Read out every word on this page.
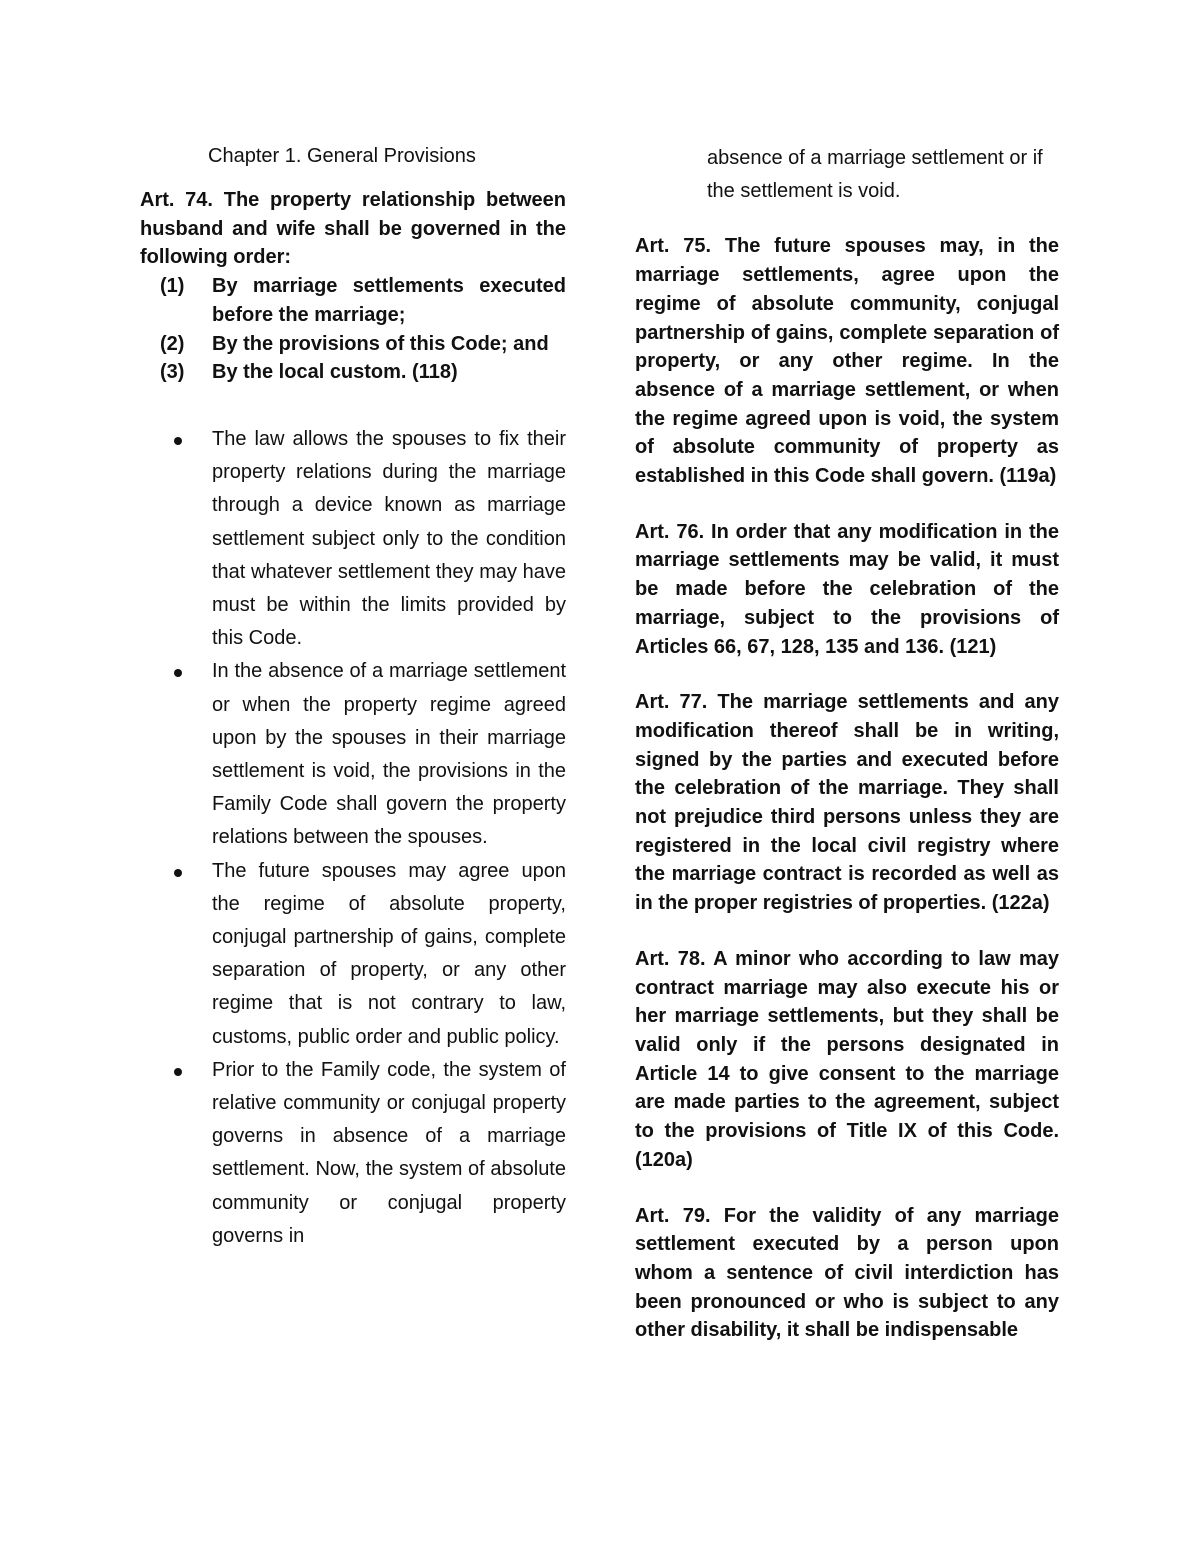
Chapter 1. General Provisions
Art. 74. The property relationship between husband and wife shall be governed in the following order:
(1) By marriage settlements executed before the marriage;
(2) By the provisions of this Code; and
(3) By the local custom. (118)
The law allows the spouses to fix their property relations during the marriage through a device known as marriage settlement subject only to the condition that whatever settlement they may have must be within the limits provided by this Code.
In the absence of a marriage settlement or when the property regime agreed upon by the spouses in their marriage settlement is void, the provisions in the Family Code shall govern the property relations between the spouses.
The future spouses may agree upon the regime of absolute property, conjugal partnership of gains, complete separation of property, or any other regime that is not contrary to law, customs, public order and public policy.
Prior to the Family code, the system of relative community or conjugal property governs in absence of a marriage settlement. Now, the system of absolute community or conjugal property governs in
absence of a marriage settlement or if the settlement is void.
Art. 75. The future spouses may, in the marriage settlements, agree upon the regime of absolute community, conjugal partnership of gains, complete separation of property, or any other regime. In the absence of a marriage settlement, or when the regime agreed upon is void, the system of absolute community of property as established in this Code shall govern. (119a)
Art. 76. In order that any modification in the marriage settlements may be valid, it must be made before the celebration of the marriage, subject to the provisions of Articles 66, 67, 128, 135 and 136. (121)
Art. 77. The marriage settlements and any modification thereof shall be in writing, signed by the parties and executed before the celebration of the marriage. They shall not prejudice third persons unless they are registered in the local civil registry where the marriage contract is recorded as well as in the proper registries of properties. (122a)
Art. 78. A minor who according to law may contract marriage may also execute his or her marriage settlements, but they shall be valid only if the persons designated in Article 14 to give consent to the marriage are made parties to the agreement, subject to the provisions of Title IX of this Code. (120a)
Art. 79. For the validity of any marriage settlement executed by a person upon whom a sentence of civil interdiction has been pronounced or who is subject to any other disability, it shall be indispensable
